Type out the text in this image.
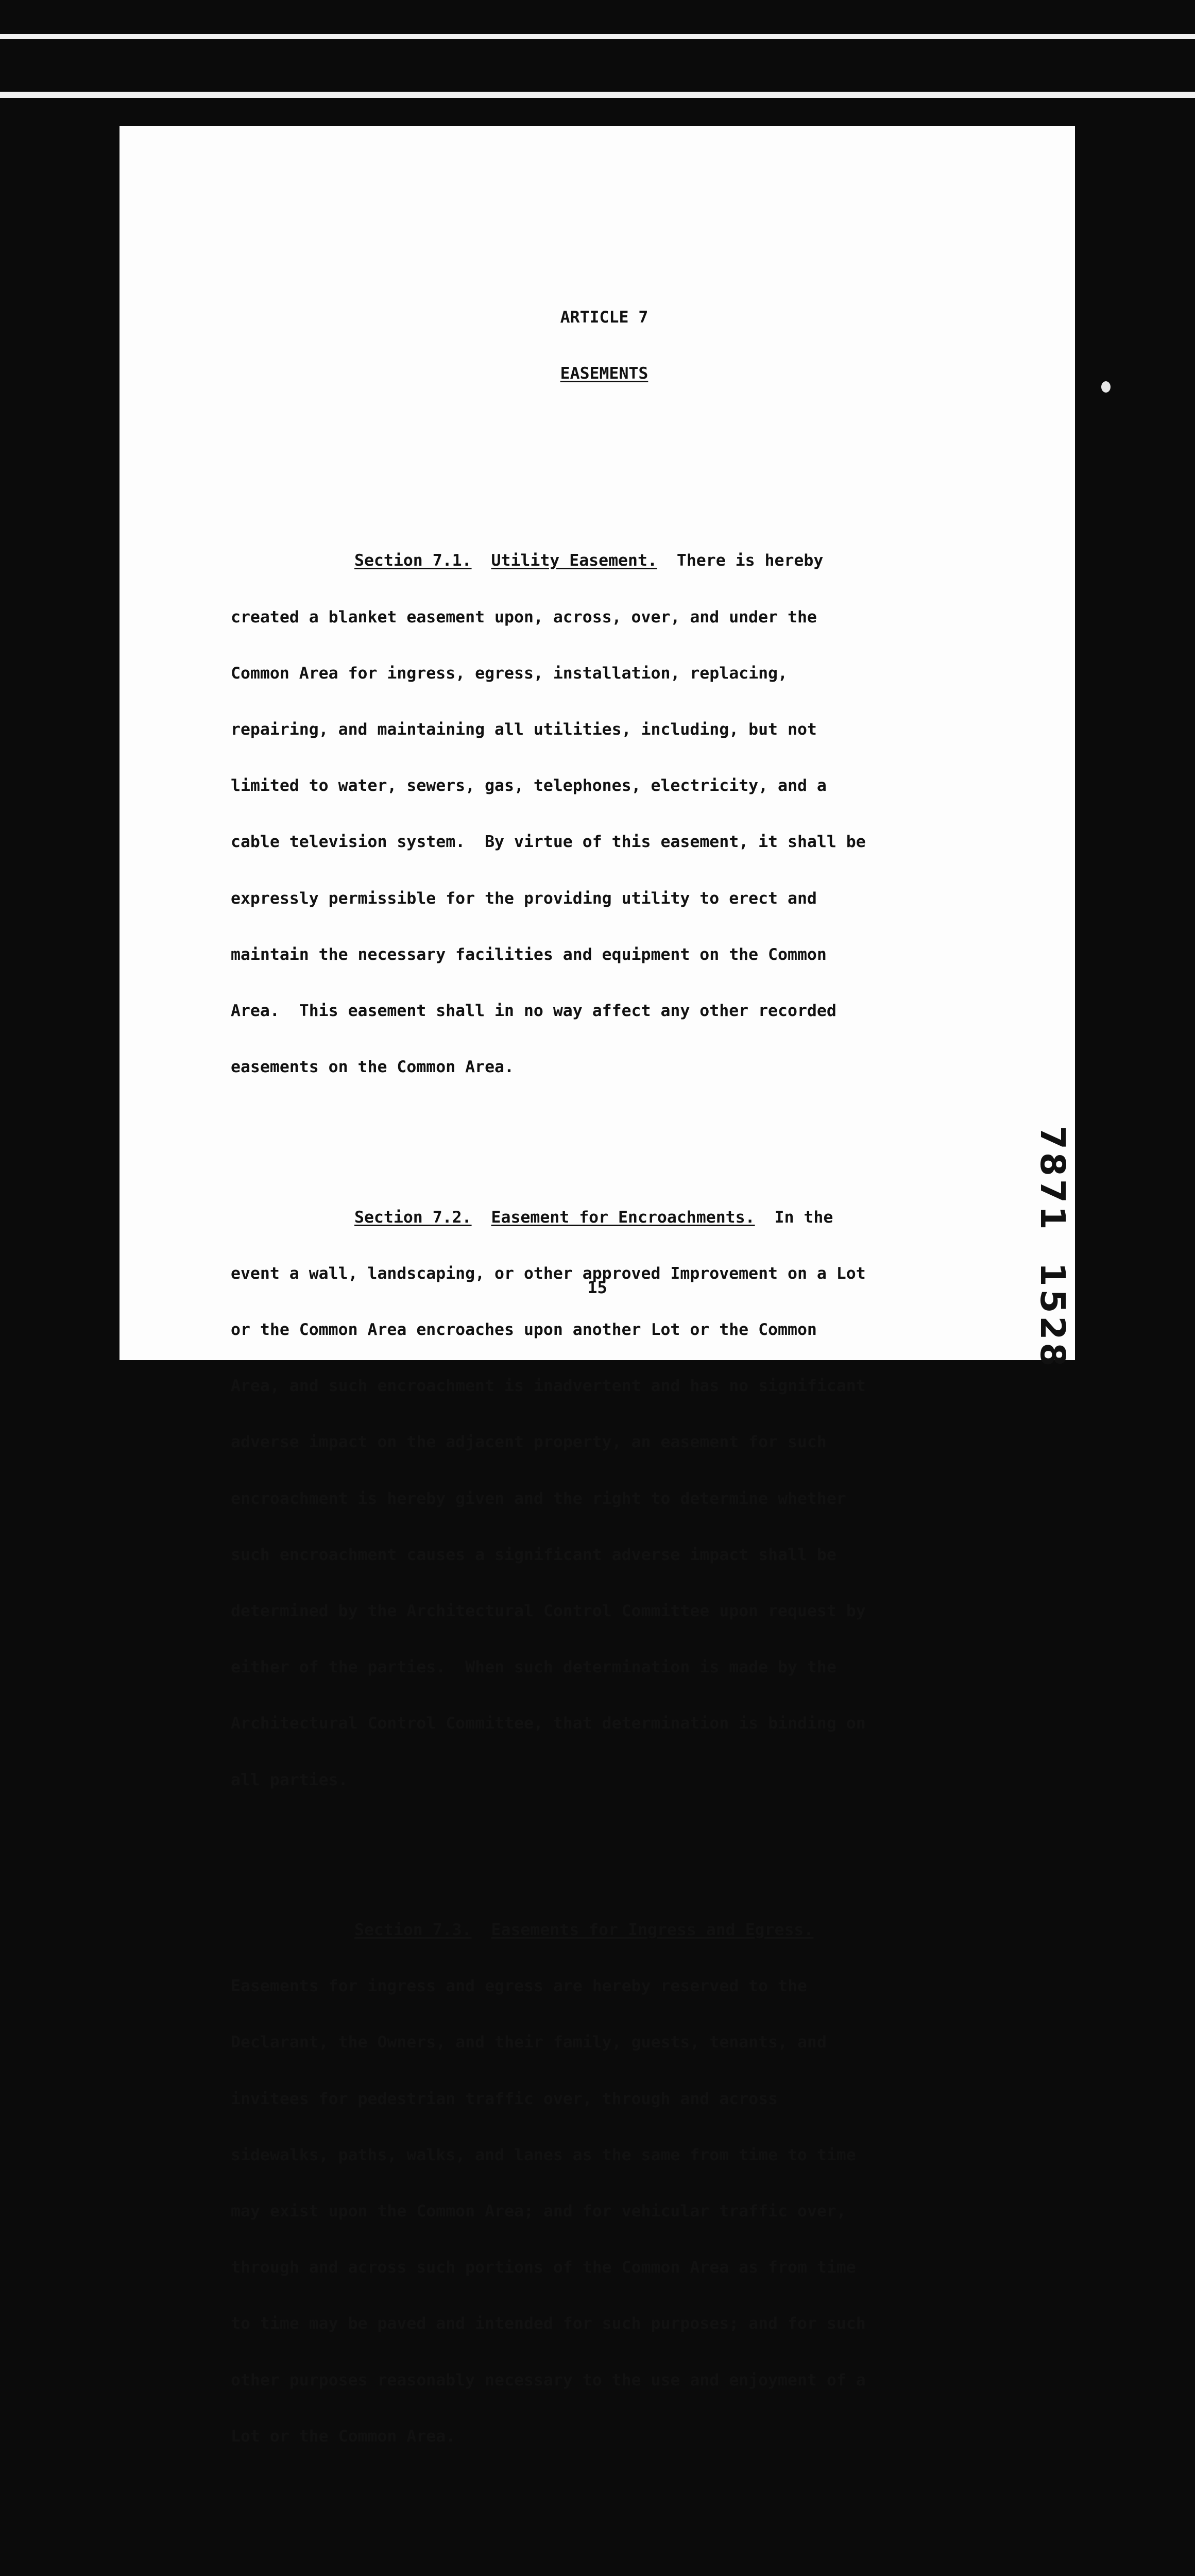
ARTICLE 7

EASEMENTS

Section 7.1. Utility Easement. There is hereby

created a blanket easement upon, across, over, and under the

Common Area for ingress, egress, installation, replacing,

repairing, and maintaining all utilities, including, but not

limited to water, sewers, gas, telephones, electricity, and a

cable television system.  By virtue of this easement, it shall be

expressly permissible for the providing utility to erect and

maintain the necessary facilities and equipment on the Common

Area.  This easement shall in no way affect any other recorded

easements on the Common Area.

Section 7.2. Easement for Encroachments. In the

event a wall, landscaping, or other approved Improvement on a Lot

or the Common Area encroaches upon another Lot or the Common

Area, and such encroachment is inadvertent and has no significant

adverse impact on the adjacent property, an easement for such

encroachment is hereby given and the right to determine whether

such encroachment causes a significant adverse impact shall be

determined by the Architectural Control Committee upon request by

either of the parties.  When such determination is made by the

Architectural Control Committee, that determination is binding on

all parties.

Section 7.3. Easements for Ingress and Egress.

Easements for ingress and egress are hereby reserved to the

Declarant, the Owners, and their family, guests, tenants, and

invitees for pedestrian traffic over, through and across

sidewalks, paths, walks, and lanes as the same from time to time

may exist upon the Common Area; and for vehicular traffic over,

through and across such portions of the Common Area as from time

to time may be paved and intended for such purposes; and for such

other purposes reasonably necessary to the use and enjoyment of a

Lot or the Common Area.

15	7871  1528
